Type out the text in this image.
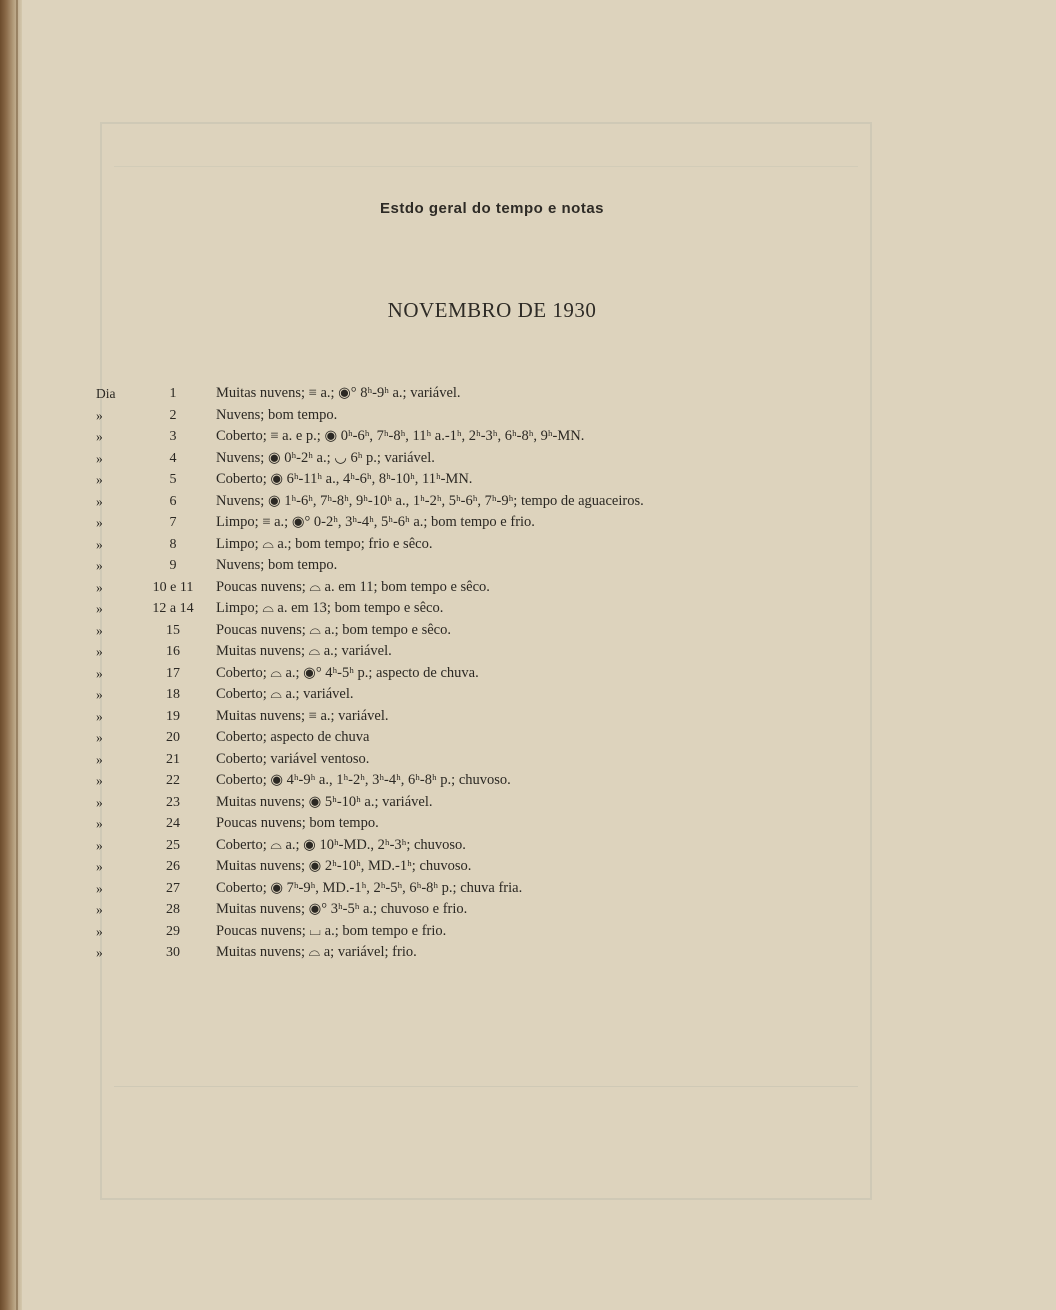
Estdo geral do tempo e notas
NOVEMBRO DE 1930
Dia	1	Muitas nuvens; ≡ a.; ◉° 8ʰ-9ʰ a.; variável.
»	2	Nuvens; bom tempo.
»	3	Coberto; ≡ a. e p.; ◉ 0ʰ-6ʰ, 7ʰ-8ʰ, 11ʰ a.-1ʰ, 2ʰ-3ʰ, 6ʰ-8ʰ, 9ʰ-MN.
»	4	Nuvens; ◉ 0ʰ-2ʰ a.; ◡ 6ʰ p.; variável.
»	5	Coberto; ◉ 6ʰ-11ʰ a., 4ʰ-6ʰ, 8ʰ-10ʰ, 11ʰ-MN.
»	6	Nuvens; ◉ 1ʰ-6ʰ, 7ʰ-8ʰ, 9ʰ-10ʰ a., 1ʰ-2ʰ, 5ʰ-6ʰ, 7ʰ-9ʰ; tempo de aguaceiros.
»	7	Limpo; ≡ a.; ◉° 0-2ʰ, 3ʰ-4ʰ, 5ʰ-6ʰ a.; bom tempo e frio.
»	8	Limpo; ⌓ a.; bom tempo; frio e sêco.
»	9	Nuvens; bom tempo.
»	10 e 11	Poucas nuvens; ⌓ a. em 11; bom tempo e sêco.
»	12 a 14	Limpo; ⌓ a. em 13; bom tempo e sêco.
»	15	Poucas nuvens; ⌓ a.; bom tempo e sêco.
»	16	Muitas nuvens; ⌓ a.; variável.
»	17	Coberto; ⌓ a.; ◉° 4ʰ-5ʰ p.; aspecto de chuva.
»	18	Coberto; ⌓ a.; variável.
»	19	Muitas nuvens; ≡ a.; variável.
»	20	Coberto; aspecto de chuva
»	21	Coberto; variável ventoso.
»	22	Coberto; ◉ 4ʰ-9ʰ a., 1ʰ-2ʰ, 3ʰ-4ʰ, 6ʰ-8ʰ p.; chuvoso.
»	23	Muitas nuvens; ◉ 5ʰ-10ʰ a.; variável.
»	24	Poucas nuvens; bom tempo.
»	25	Coberto; ⌓ a.; ◉ 10ʰ-MD., 2ʰ-3ʰ; chuvoso.
»	26	Muitas nuvens; ◉ 2ʰ-10ʰ, MD.-1ʰ; chuvoso.
»	27	Coberto; ◉ 7ʰ-9ʰ, MD.-1ʰ, 2ʰ-5ʰ, 6ʰ-8ʰ p.; chuva fria.
»	28	Muitas nuvens; ◉° 3ʰ-5ʰ a.; chuvoso e frio.
»	29	Poucas nuvens; ⌴ a.; bom tempo e frio.
»	30	Muitas nuvens; ⌓ a; variável; frio.
